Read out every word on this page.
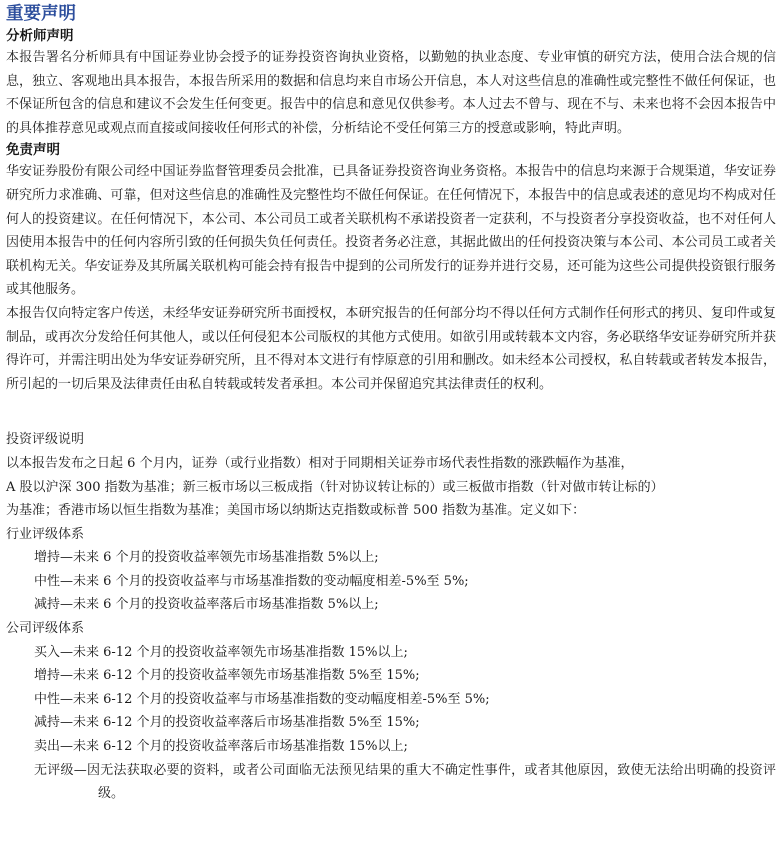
重要声明
分析师声明

本报告署名分析师具有中国证券业协会授予的证券投资咨询执业资格，以勤勉的执业态度、专业审慎的研究方法，使用合法合规的信息，独立、客观地出具本报告，本报告所采用的数据和信息均来自市场公开信息，本人对这些信息的准确性或完整性不做任何保证，也不保证所包含的信息和建议不会发生任何变更。报告中的信息和意见仅供参考。本人过去不曾与、现在不与、未来也将不会因本报告中的具体推荐意见或观点而直接或间接收任何形式的补偿，分析结论不受任何第三方的授意或影响，特此声明。

免责声明

华安证券股份有限公司经中国证券监督管理委员会批准，已具备证券投资咨询业务资格。本报告中的信息均来源于合规渠道，华安证券研究所力求准确、可靠，但对这些信息的准确性及完整性均不做任何保证。在任何情况下，本报告中的信息或表述的意见均不构成对任何人的投资建议。在任何情况下，本公司、本公司员工或者关联机构不承诺投资者一定获利，不与投资者分享投资收益，也不对任何人因使用本报告中的任何内容所引致的任何损失负任何责任。投资者务必注意，其据此做出的任何投资决策与本公司、本公司员工或者关联机构无关。华安证券及其所属关联机构可能会持有报告中提到的公司所发行的证券并进行交易，还可能为这些公司提供投资银行服务或其他服务。

本报告仅向特定客户传送，未经华安证券研究所书面授权，本研究报告的任何部分均不得以任何方式制作任何形式的拷贝、复印件或复制品，或再次分发给任何其他人，或以任何侵犯本公司版权的其他方式使用。如欲引用或转载本文内容，务必联络华安证券研究所并获得许可，并需注明出处为华安证券研究所，且不得对本文进行有悖原意的引用和删改。如未经本公司授权，私自转载或者转发本报告，所引起的一切后果及法律责任由私自转载或转发者承担。本公司并保留追究其法律责任的权利。

投资评级说明

以本报告发布之日起 6 个月内，证券（或行业指数）相对于同期相关证券市场代表性指数的涨跌幅作为基准，

A 股以沪深 300 指数为基准；新三板市场以三板成指（针对协议转让标的）或三板做市指数（针对做市转让标的）

为基准；香港市场以恒生指数为基准；美国市场以纳斯达克指数或标普 500 指数为基准。定义如下：

行业评级体系

增持—未来 6 个月的投资收益率领先市场基准指数 5%以上;

中性—未来 6 个月的投资收益率与市场基准指数的变动幅度相差-5%至 5%;

减持—未来 6 个月的投资收益率落后市场基准指数 5%以上;

公司评级体系

买入—未来 6-12 个月的投资收益率领先市场基准指数 15%以上;

增持—未来 6-12 个月的投资收益率领先市场基准指数 5%至 15%;

中性—未来 6-12 个月的投资收益率与市场基准指数的变动幅度相差-5%至 5%;

减持—未来 6-12 个月的投资收益率落后市场基准指数 5%至 15%;

卖出—未来 6-12 个月的投资收益率落后市场基准指数 15%以上;

无评级—因无法获取必要的资料，或者公司面临无法预见结果的重大不确定性事件，或者其他原因，致使无法给出明确的投资评级。
